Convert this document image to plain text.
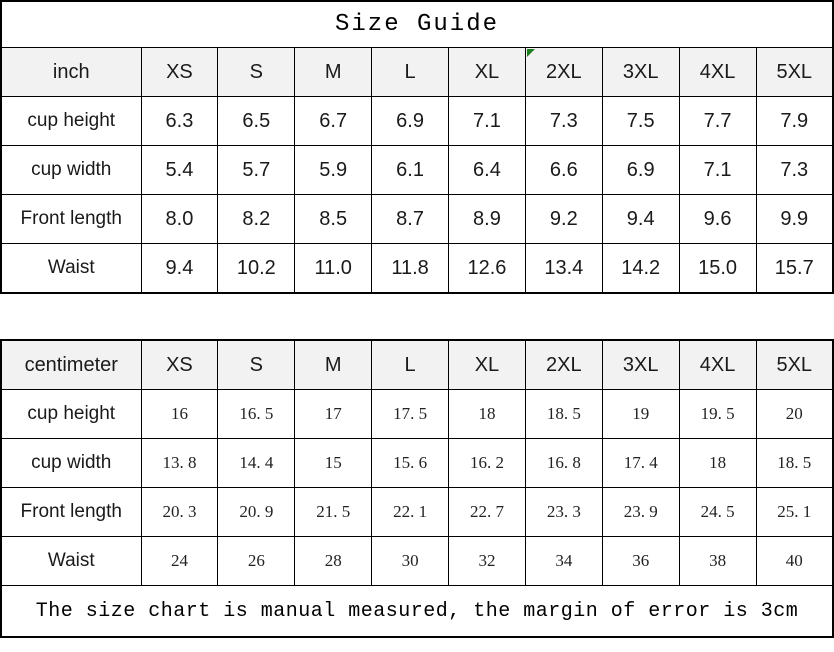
Size Guide									
inch	XS	S	M	L	XL	2XL	3XL	4XL	5XL
cup height	6.3	6.5	6.7	6.9	7.1	7.3	7.5	7.7	7.9
cup width	5.4	5.7	5.9	6.1	6.4	6.6	6.9	7.1	7.3
Front length	8.0	8.2	8.5	8.7	8.9	9.2	9.4	9.6	9.9
Waist	9.4	10.2	11.0	11.8	12.6	13.4	14.2	15.0	15.7
centimeter	XS	S	M	L	XL	2XL	3XL	4XL	5XL
cup height	16	16. 5	17	17. 5	18	18. 5	19	19. 5	20
cup width	13. 8	14. 4	15	15. 6	16. 2	16. 8	17. 4	18	18. 5
Front length	20. 3	20. 9	21. 5	22. 1	22. 7	23. 3	23. 9	24. 5	25. 1
Waist	24	26	28	30	32	34	36	38	40
The size chart is manual measured, the margin of error is 3cm									
